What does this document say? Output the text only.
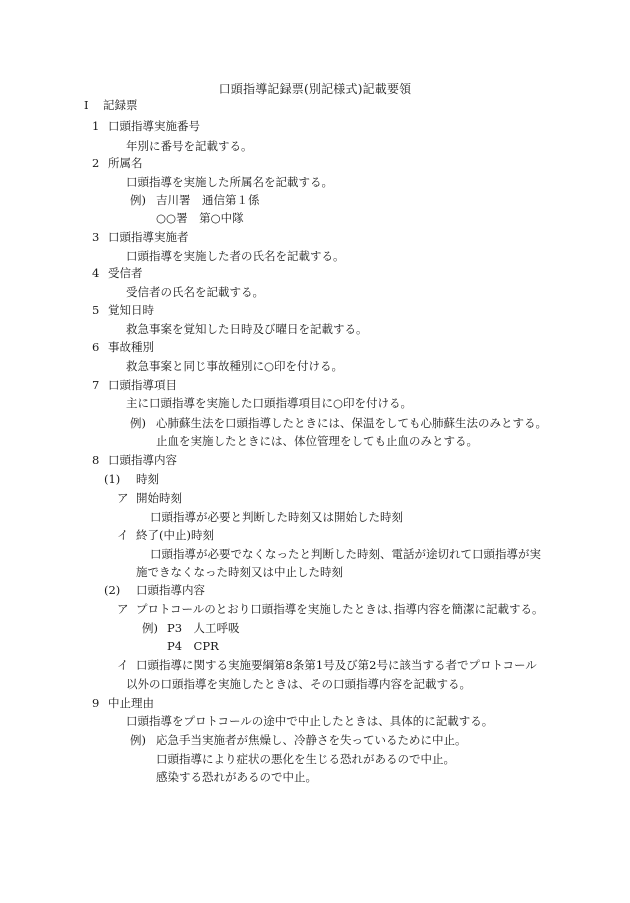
口頭指導記録票(別記様式)記載要領
Ⅰ 記録票
1 口頭指導実施番号
年別に番号を記載する。
2 所属名
口頭指導を実施した所属名を記載する。
例) 吉川署　通信第１係
○○署　第○中隊
3 口頭指導実施者
口頭指導を実施した者の氏名を記載する。
4 受信者
受信者の氏名を記載する。
5 覚知日時
救急事案を覚知した日時及び曜日を記載する。
6 事故種別
救急事案と同じ事故種別に○印を付ける。
7 口頭指導項目
主に口頭指導を実施した口頭指導項目に○印を付ける。
例) 心肺蘇生法を口頭指導したときには、保温をしても心肺蘇生法のみとする。
止血を実施したときには、体位管理をしても止血のみとする。
8 口頭指導内容
(1) 時刻
ア 開始時刻
口頭指導が必要と判断した時刻又は開始した時刻
イ 終了(中止)時刻
口頭指導が必要でなくなったと判断した時刻、電話が途切れて口頭指導が実
施できなくなった時刻又は中止した時刻
(2) 口頭指導内容
ア プロトコールのとおり口頭指導を実施したときは､指導内容を簡潔に記載する。
例) P3　人工呼吸
P4　CPR
イ 口頭指導に関する実施要綱第8条第1号及び第2号に該当する者でプロトコール
以外の口頭指導を実施したときは、その口頭指導内容を記載する。
9 中止理由
口頭指導をプロトコールの途中で中止したときは、具体的に記載する。
例) 応急手当実施者が焦燥し、冷静さを失っているために中止。
口頭指導により症状の悪化を生じる恐れがあるので中止。
感染する恐れがあるので中止。
